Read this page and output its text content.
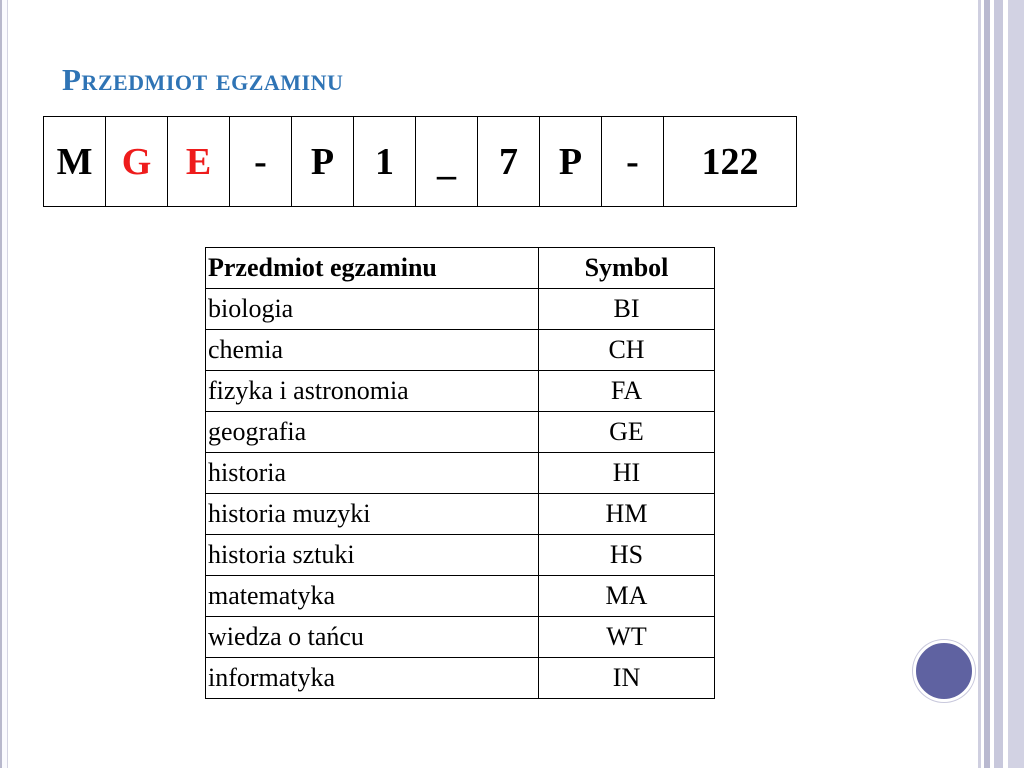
Przedmiot egzaminu
M	G	E	-	P	1	_	7	P	-	122
Przedmiot egzaminu	Symbol
biologia	BI
chemia	CH
fizyka i astronomia	FA
geografia	GE
historia	HI
historia muzyki	HM
historia sztuki	HS
matematyka	MA
wiedza o tańcu	WT
informatyka	IN
